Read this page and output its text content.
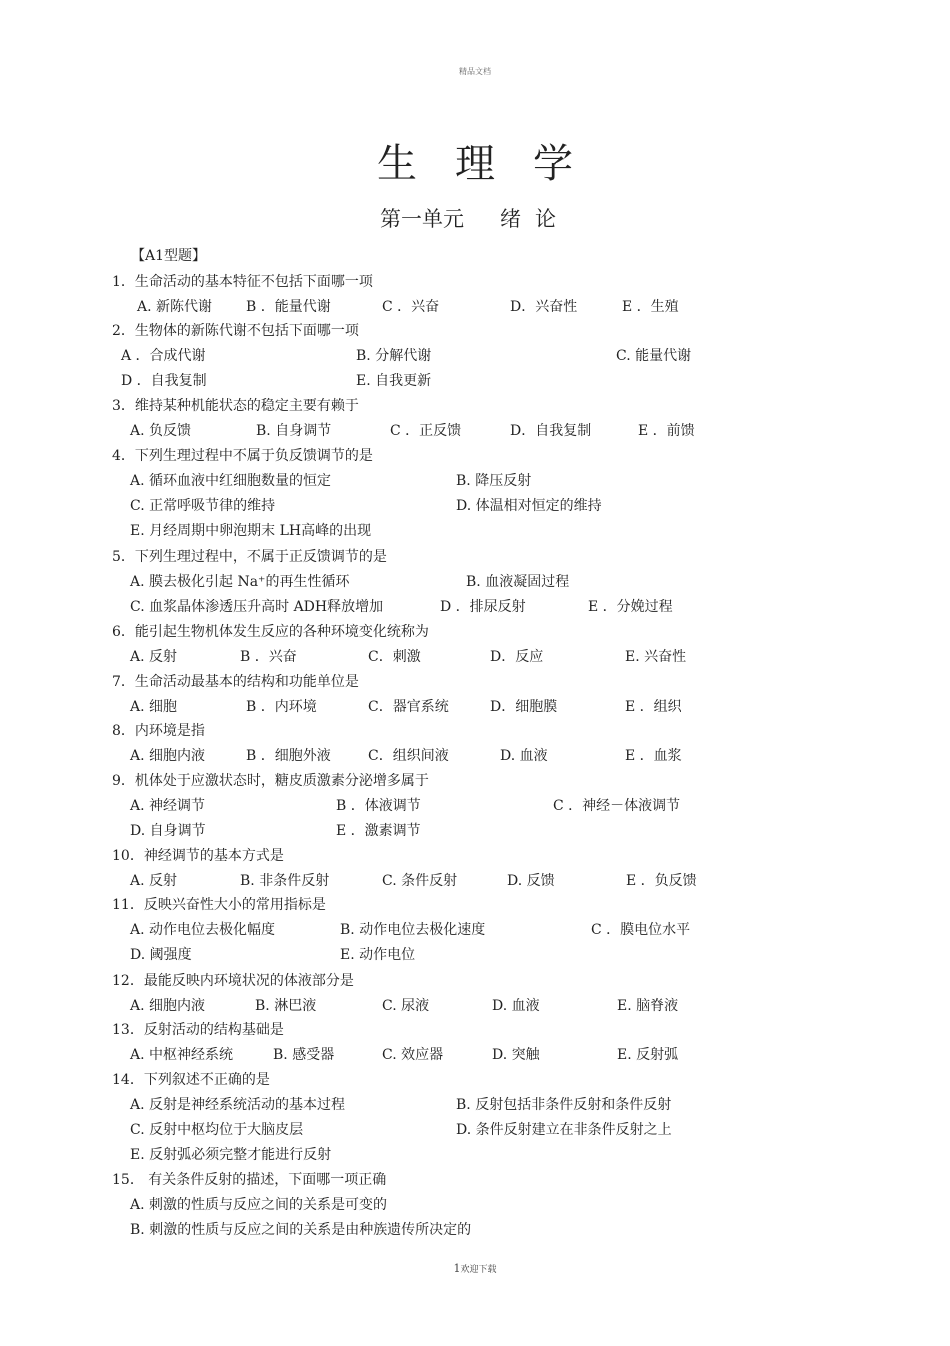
精品文档
生理学
第一单元 绪论
【A1型题】
1．生命活动的基本特征不包括下面哪一项
A. 新陈代谢 B ．能量代谢	C ．兴奋	D．兴奋性	E ．生殖
2．生物体的新陈代谢不包括下面哪一项
A ．合成代谢	B. 分解代谢	C. 能量代谢
D ．自我复制	E. 自我更新
3．维持某种机能状态的稳定主要有赖于
A. 负反馈	B. 自身调节	C ．正反馈	D．自我复制	E ．前馈
4．下列生理过程中不属于负反馈调节的是
A. 循环血液中红细胞数量的恒定	B. 降压反射
C. 正常呼吸节律的维持	D. 体温相对恒定的维持
E. 月经周期中卵泡期末 LH高峰的出现
5．下列生理过程中，不属于正反馈调节的是
A. 膜去极化引起 Na⁺的再生性循环	B. 血液凝固过程
C. 血浆晶体渗透压升高时 ADH释放增加	D ．排尿反射	E ．分娩过程
6．能引起生物机体发生反应的各种环境变化统称为
A. 反射	B ．兴奋	C．刺激	D．反应	E. 兴奋性
7．生命活动最基本的结构和功能单位是
A. 细胞	B ．内环境	C．器官系统	D．细胞膜	E ．组织
8．内环境是指
A. 细胞内液	B ．细胞外液	C．组织间液	D. 血液	E ．血浆
9．机体处于应激状态时，糖皮质激素分泌增多属于
A. 神经调节	B ．体液调节	C ．神经－体液调节
D. 自身调节	E ．激素调节
10．神经调节的基本方式是
A. 反射	B. 非条件反射	C. 条件反射	D. 反馈	E ．负反馈
11．反映兴奋性大小的常用指标是
A. 动作电位去极化幅度	B. 动作电位去极化速度	C ．膜电位水平
D. 阈强度	E. 动作电位
12．最能反映内环境状况的体液部分是
A. 细胞内液	B. 淋巴液	C. 尿液	D. 血液	E. 脑脊液
13．反射活动的结构基础是
A. 中枢神经系统	B. 感受器	C. 效应器	D. 突触	E. 反射弧
14．下列叙述不正确的是
A. 反射是神经系统活动的基本过程	B. 反射包括非条件反射和条件反射
C. 反射中枢均位于大脑皮层	D. 条件反射建立在非条件反射之上
E. 反射弧必须完整才能进行反射
15． 有关条件反射的描述，下面哪一项正确
A. 刺激的性质与反应之间的关系是可变的
B. 刺激的性质与反应之间的关系是由种族遗传所决定的
1欢迎下载
